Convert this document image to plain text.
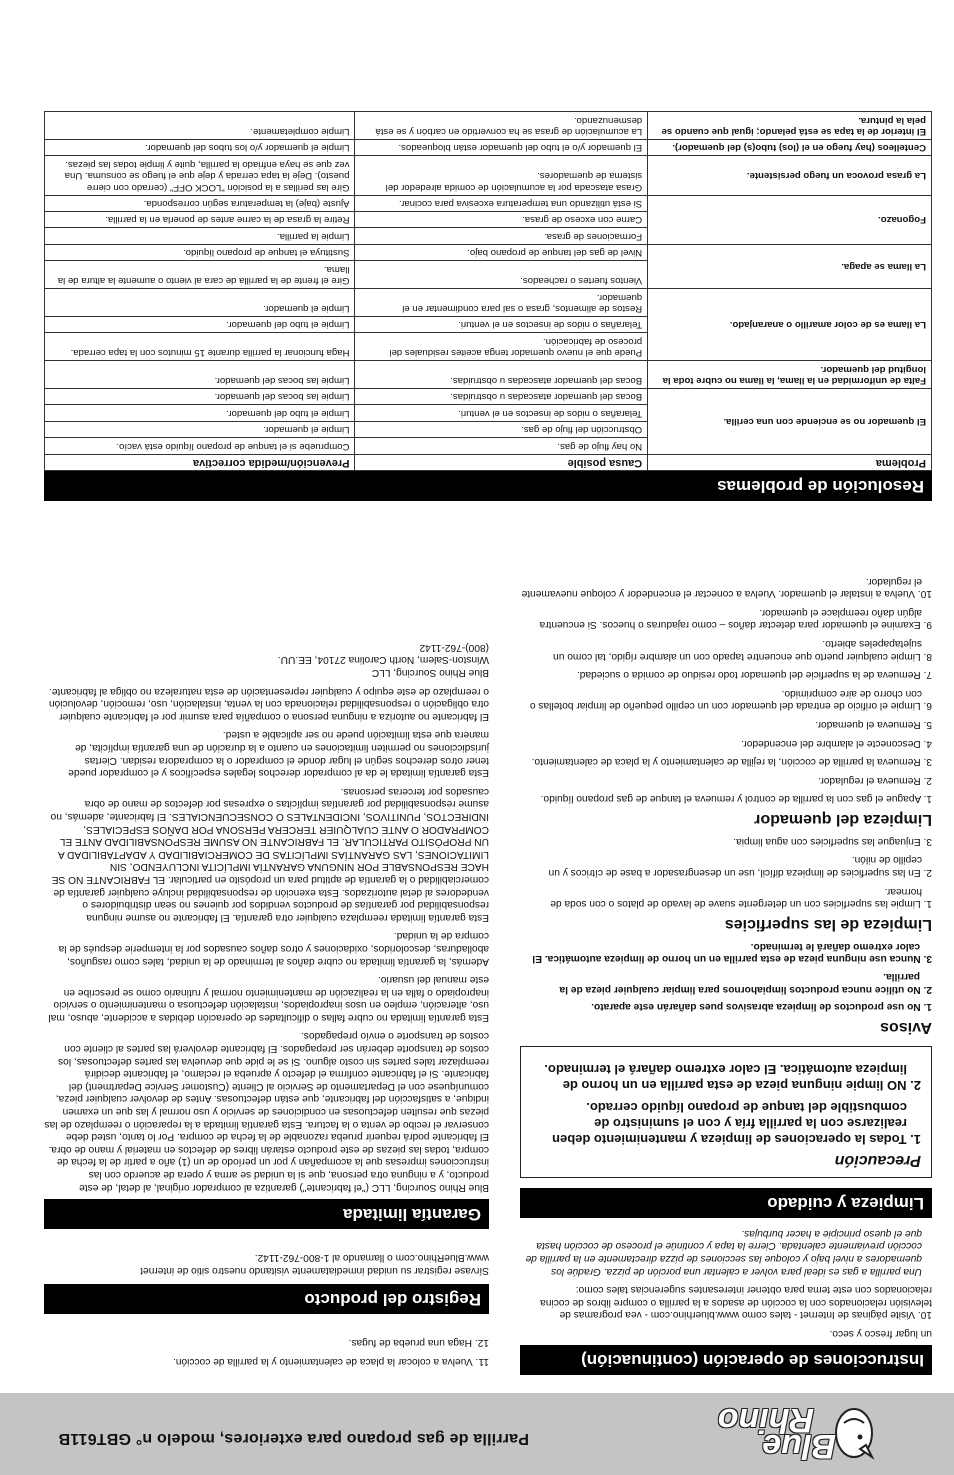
Blue
Rhino
Parrilla de gas propano para exteriores, modelo n° GBT611B
Instrucciones de operación (continuación)

un lugar fresco y seco.

10. Visite páginas de Internet - tales como www.bluerhino.com - vea programas de televisión relacionados con la cocción de asados a la parrilla o compre libros de cocina relacionados con este tema para obtener interesantes sugerencias tales como:

Una parrilla a gas es ideal para volver a calentar una porción de pizza. Gradúe los quemadores a nivel bajo y coloque las secciones de pizza directamente en la parrilla de cocción previamente calentada. Cierre la tapa y continúe el proceso de cocción hasta que el queso principie a hacer burbujas.

Limpieza y cuidado
Precaución
1. Todas la operaciones de limpieza y mantenimiento deben realizarse con la parrilla fría y con el suministro de combustible del tanque de propano líquido cerrado.
2. NO limpie ninguna pieza de esta parrilla en un horno de limpieza automática. El calor extremo dañará el terminado.
Avisos

1. No use productos de limpieza abrasivos pues dañarán este aparato.

2. No utilice nunca productos limpiahornos para limpiar cualquier pieza de la parrilla.

3. Nunca use ninguna pieza de esta parrilla en un horno de limpieza automática. El calor extremo dañará le terminado.

Limpieza de las superficies

1. Limpie las superficies con un detergente suave de lavado de platos o con soda de hornear.

2. En las superficies de limpieza difícil, use un desengrasador a base de cítricos y un cepillo de nilón.

3. Enjuague las superficies con agua limpia.

Limpieza del quemador

1. Apague el gas con la parrilla de control y remueva el tanque de gas propano líquido.

2. Remueva el regulador.

3. Remueva la parrilla de cocción, la rejilla de calentamiento y la placa de calentamiento.

4. Desconecte el alambre del encendedor.

5. Remueva el quemador.

6. Limpie el orificio de entrada del quemador con un cepillo pequeño de limpiar botellas o con chorro de aire comprimido.

7. Remueva de la superficie del quemador todo residuo de comida o suciedad.

8. Limpie cualquier puerto que encuentre tapado con un alambre rígido, tal como un sujetapapeles abierto.

9. Examine el quemador para detectar daños – como rajaduras o huecos. Si encuentra algún daño reemplace el quemador.

10. Vuelva a instalar el quemador. Vuelva a conectar el encendedor y coloque nuevamente el regulador.

11. Vuelva a colocar la placa de calentamiento y la parrilla de cocción.

12. Haga una prueba de fugas.

Registro del producto

Sírvase registrar su unidad inmediatamente visitando nuestro sitio de internet www.BlueRhino.com o llamando al 1-800-762-1142.

Garantía limitada

Blue Rhino Sourcing, LLC ("el fabricante") garantiza al comprador original, al detal, de este producto, y a ninguna otra persona, que si la unidad se arma y opera de acuerdo con las instrucciones impresas que la acompañan y por un período de un (1) año a partir de la fecha de compra, todas las piezas de este producto estarán libres de defectos en material y mano de obra. El fabricante podrá requerir prueba razonable de la fecha de compra. Por lo tanto, usted debe conservar el recibo de venta o la factura. Esta garantía limitada a la reparación o reemplazo de las piezas que resulten defectuosas en condiciones de servicio y uso normal y las que un examen indique, a satisfacción del fabricante, que están defectuosas. Antes de devolver cualquier pieza, comuníquese con el Departamento de Servicio al Cliente (Customer Service Department) del fabricante. Si el fabricante confirma el defecto y aprueba el reclamo, el fabricante decidirá reemplazar tales partes sin costo alguno. Si se le pide que devuelva las partes defectuosas, los costos de transporte deberán ser prepagados. El fabricante devolverá las partes al cliente con costos de transporte o envío prepagados.

Esta garantía limitada no cubre fallas o dificultades de operación debidas a accidente, abuso, mal uso, alteración, empleo en usos inapropiados, instalación defectuosa o mantenimiento o servicio inapropiado o falla en la realización de mantenimiento normal y rutinario como se prescribe en este manual del usuario.

Además, la garantía limitada no cubre daños al terminado de la unidad, tales como rasguños, abolladuras, descoloridos, oxidaciones y otros daños causados por la intemperie después de la compra de la unidad.

Esta garantía limitada reemplaza cualquier otra garantía. El fabricante no asume ninguna responsabilidad por garantías de productos vendidos por quienes no sean distribuidores o vendedores al detal autorizados. Esta exención de responsabilidad incluye cualquier garantía de comerciabilidad o la garantía de aptitud para un propósito en particular. EL FABRICANTE NO SE HACE RESPONSABLE POR NINGUNA GARANTÍA IMPLÍCITA INCLUYENDO, SIN LIMITACIONES, LAS GARANTÍAS IMPLÍCITAS DE COMERCIABILIDAD Y ADAPTABILIDAD A UN PROPÓSITO PARTICULAR. EL FABRICANTE NO ASUME RESPONSABILIDAD ANTE EL COMPRADOR O ANTE CUALQUIER TERCERA PERSONA POR DAÑOS ESPECIALES, INDIRECTOS, PUNITIVOS, INCIDENTALES O CONSECUENCIALES. El fabricante, además, no asume responsabilidad por garantías implícitas o expresas por defectos de mano de obra causados por terceras personas.

Esta garantía limitada le da al comprador derechos legales específicos y el comprador puede tener otros derechos según el lugar donde el comprador o la compradora residan. Ciertas jurisdicciones no permiten limitaciones en cuanto a la duración de una garantía implícita, de manera que esta limitación puede no ser aplicable a usted.

El fabricante no autoriza a ninguna persona o compañía para asumir por el fabricante cualquier otra obligación o responsabilidad relacionada con la venta, instalación, uso, remoción, devolución o reemplazo de este equipo y cualquier representación de esta naturaleza no obliga al fabricante.

Blue Rhino Sourcing, LLC

Winston-Salem, North Carolina 27104, EE.UU.

(800)-762-1142

Resolución de problemas
Problema	Causa posible	Prevención/medida correctiva
El quemador no se enciende con una cerilla.	No hay flujo de gas.	Compruebe si el tanque de propano líquido está vacío.
	Obstrucción del flujo de gas.	Limpie el quemador.
	Telarañas o nidos de insectos en el venturi.	Limpie el tubo del quemador.
	Bocas del quemador atascadas u obstruidas.	Limpie las bocas del quemador.
Falta de uniformidad en la llama, la llama no cubre toda la longitud del quemador.	Bocas del quemador atascadas u obstruidas.	Limpie las bocas del quemador.
La llama es de color amarillo o anaranjado.	Puede que el nuevo quemador tenga aceites residuales del proceso de fabricación.	Haga funcionar la parrilla durante 15 minutos con la tapa cerrada.
	Telarañas o nidos de insectos en el venturi.	Limpie el tubo del quemador.
	Restos de alimentos, grasa o sal para condimentar en el quemador.	Limpie el quemador.
La llama se apaga.	Vientos fuertes o racheados.	Gire el frente de la parrilla de cara al viento o aumente la altura de la llama.
	Nivel de gas del tanque de propano bajo.	Sustituya el tanque de propano líquido.
Fogonazo.	Formaciones de grasa.	Limpie la parrilla.
	Carne con exceso de grasa.	Retire la grasa de la carne antes de ponerla en la parrilla.
	Si está utilizando una temperatura excesiva para cocinar.	Ajuste (baje) la temperatura según corresponda.
La grasa provoca un fuego persistente.	Grasa atascada por la acumulación de comida alrededor del sistema de quemadores.	Gire las perillas a la posición "LOCK OFF" (cerrado con cierre puesto). Deje la tapa cerrada y deje que el fuego se consuma. Una vez que se haya enfriado la parrilla, quite y limpie todas las piezas.
Centelleos (hay fuego en el (los) tubo(s) del quemador).	El quemador y/o el tubo del quemador están bloqueados.	Limpie el quemador y/o los tubos del quemador.
El interior de la tapa se está pelando; igual que cuando se pela la pintura.	La acumulación de grasa se ha convertido en carbón y se está desmenuzando.	Limpie completamente.
